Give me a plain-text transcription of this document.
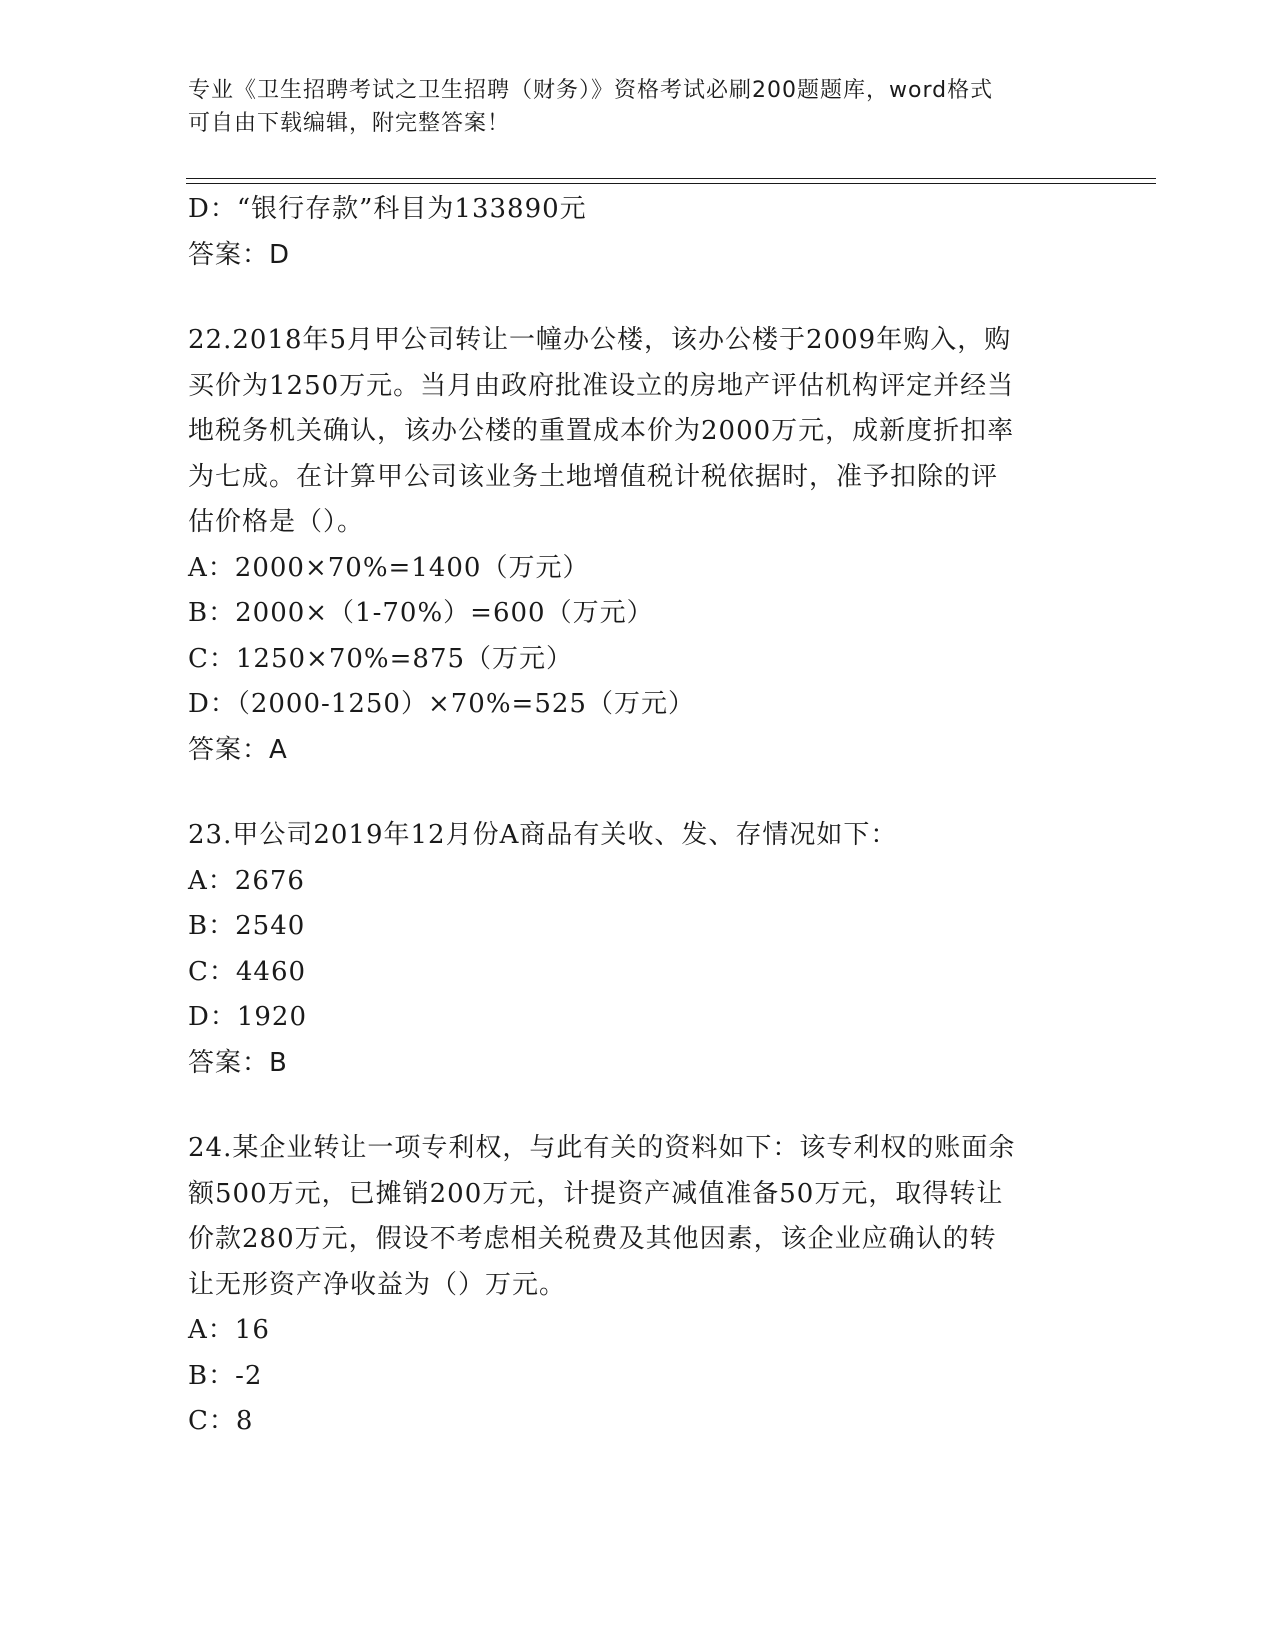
专业《卫生招聘考试之卫生招聘（财务）》资格考试必刷200题题库，word格式
可自由下载编辑，附完整答案！
D：“银行存款”科目为133890元
答案：D
22.2018年5月甲公司转让一幢办公楼，该办公楼于2009年购入，购
买价为1250万元。当月由政府批准设立的房地产评估机构评定并经当
地税务机关确认，该办公楼的重置成本价为2000万元，成新度折扣率
为七成。在计算甲公司该业务土地增值税计税依据时，准予扣除的评
估价格是（）。
A：2000×70%=1400（万元）
B：2000×（1-70%）=600（万元）
C：1250×70%=875（万元）
D：（2000-1250）×70%=525（万元）
答案：A
23.甲公司2019年12月份A商品有关收、发、存情况如下：
A：2676
B：2540
C：4460
D：1920
答案：B
24.某企业转让一项专利权，与此有关的资料如下：该专利权的账面余
额500万元，已摊销200万元，计提资产减值准备50万元，取得转让
价款280万元，假设不考虑相关税费及其他因素，该企业应确认的转
让无形资产净收益为（）万元。
A：16
B：-2
C：8
